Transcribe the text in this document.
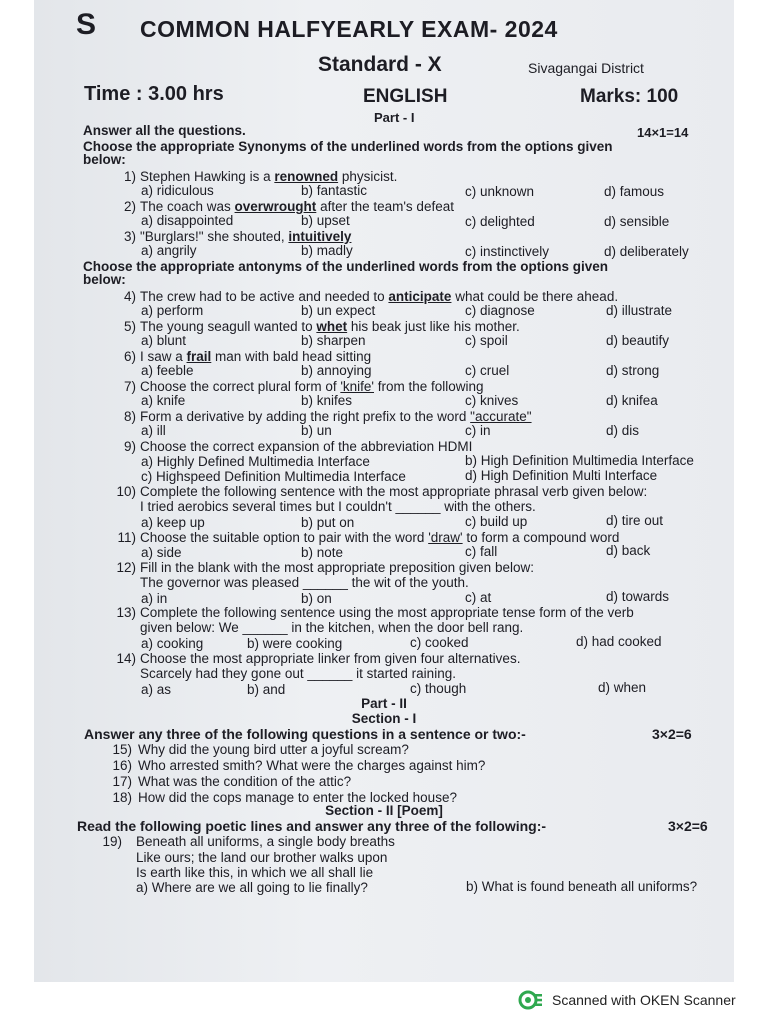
S COMMON HALFYEARLY EXAM- 2024
Standard - X	Sivagangai District
Time : 3.00 hrs	ENGLISH	Marks: 100
Part - I
Answer all the questions.	14×1=14
Choose the appropriate Synonyms of the underlined words from the options given
below:
1) Stephen Hawking is a renowned physicist.
a) ridiculous	b) fantastic	c) unknown	d) famous
2) The coach was overwrought after the team's defeat
a) disappointed	b) upset	c) delighted	d) sensible
3) "Burglars!" she shouted, intuitively
a) angrily	b) madly	c) instinctively	d) deliberately
Choose the appropriate antonyms of the underlined words from the options given
below:
4) The crew had to be active and needed to anticipate what could be there ahead.
a) perform	b) un expect	c) diagnose	d) illustrate
5) The young seagull wanted to whet his beak just like his mother.
a) blunt	b) sharpen	c) spoil	d) beautify
6) I saw a frail man with bald head sitting
a) feeble	b) annoying	c) cruel	d) strong
7) Choose the correct plural form of 'knife' from the following
a) knife	b) knifes	c) knives	d) knifea
8) Form a derivative by adding the right prefix to the word "accurate"
a) ill	b) un	c) in	d) dis
9) Choose the correct expansion of the abbreviation HDMI
a) Highly Defined Multimedia Interface	b) High Definition Multimedia Interface
c) Highspeed Definition Multimedia Interface	d) High Definition Multi Interface
10) Complete the following sentence with the most appropriate phrasal verb given below:
I tried aerobics several times but I couldn't ______ with the others.
a) keep up	b) put on	c) build up	d) tire out
11) Choose the suitable option to pair with the word 'draw' to form a compound word
a) side	b) note	c) fall	d) back
12) Fill in the blank with the most appropriate preposition given below:
The governor was pleased ______ the wit of the youth.
a) in	b) on	c) at	d) towards
13) Complete the following sentence using the most appropriate tense form of the verb
given below: We ______ in the kitchen, when the door bell rang.
a) cooking	b) were cooking	c) cooked	d) had cooked
14) Choose the most appropriate linker from given four alternatives.
Scarcely had they gone out ______ it started raining.
a) as	b) and	c) though	d) when
Part - II
Section - I
Answer any three of the following questions in a sentence or two:-	3×2=6
15) Why did the young bird utter a joyful scream?
16) Who arrested smith? What were the charges against him?
17) What was the condition of the attic?
18) How did the cops manage to enter the locked house?
Section - II [Poem]
Read the following poetic lines and answer any three of the following:-	3×2=6
19) Beneath all uniforms, a single body breaths
Like ours; the land our brother walks upon
Is earth like this, in which we all shall lie
a) Where are we all going to lie finally?	b) What is found beneath all uniforms?
Scanned with OKEN Scanner
